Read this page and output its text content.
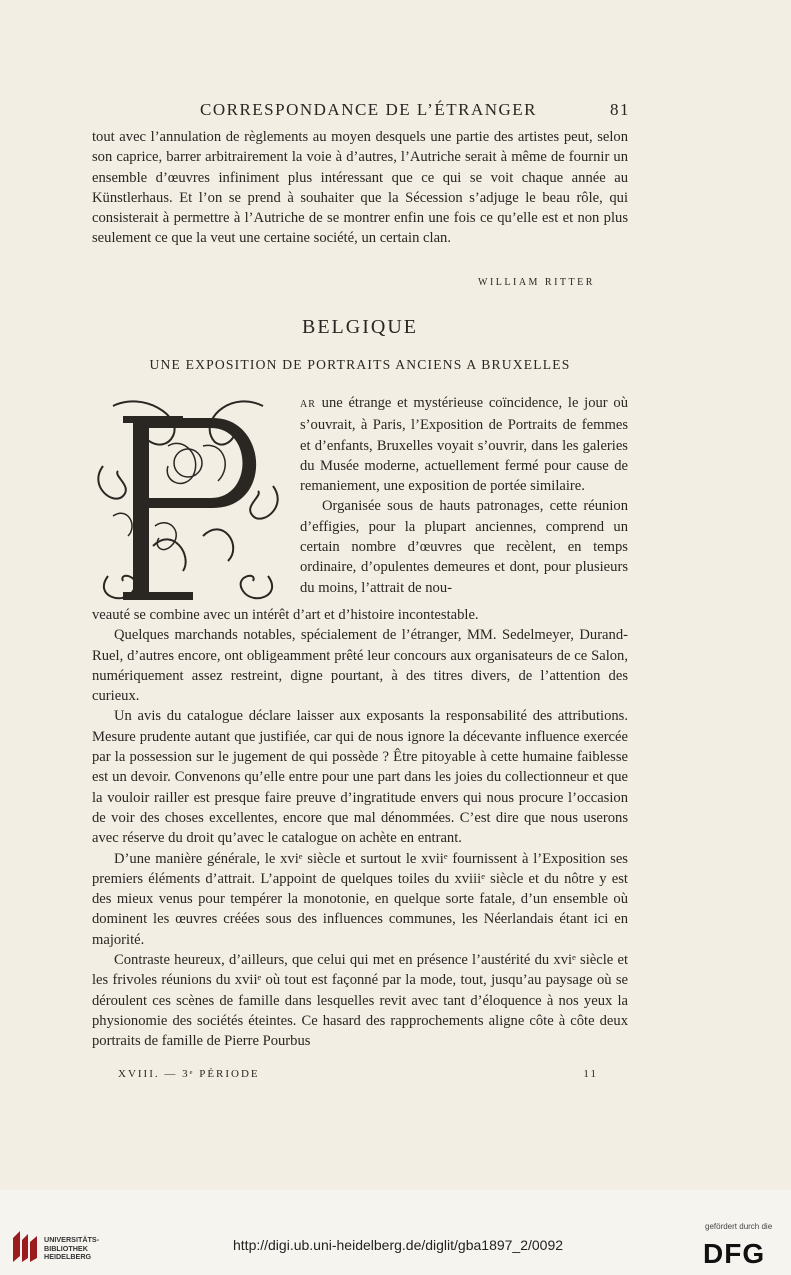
CORRESPONDANCE DE L’ÉTRANGER	81
tout avec l’annulation de règlements au moyen desquels une partie des artistes peut, selon son caprice, barrer arbitrairement la voie à d’autres, l’Autriche serait à même de fournir un ensemble d’œuvres infiniment plus intéressant que ce qui se voit chaque année au Künstlerhaus. Et l’on se prend à souhaiter que la Sécession s’adjuge le beau rôle, qui consisterait à permettre à l’Autriche de se montrer enfin une fois ce qu’elle est et non plus seulement ce que la veut une certaine société, un certain clan.
WILLIAM RITTER
BELGIQUE
UNE EXPOSITION DE PORTRAITS ANCIENS A BRUXELLES
AR une étrange et mystérieuse coïncidence, le jour où s’ouvrait, à Paris, l’Exposition de Portraits de femmes et d’enfants, Bruxelles voyait s’ouvrir, dans les galeries du Musée moderne, actuellement fermé pour cause de remaniement, une exposition de portée similaire.
Organisée sous de hauts patronages, cette réunion d’effigies, pour la plupart anciennes, comprend un certain nombre d’œuvres que recèlent, en temps ordinaire, d’opulentes demeures et dont, pour plusieurs du moins, l’attrait de nou-

veauté se combine avec un intérêt d’art et d’histoire incontestable.

Quelques marchands notables, spécialement de l’étranger, MM. Sedelmeyer, Durand-Ruel, d’autres encore, ont obligeamment prêté leur concours aux organisateurs de ce Salon, numériquement assez restreint, digne pourtant, à des titres divers, de l’attention des curieux.

Un avis du catalogue déclare laisser aux exposants la responsabilité des attributions. Mesure prudente autant que justifiée, car qui de nous ignore la décevante influence exercée par la possession sur le jugement de qui possède ? Être pitoyable à cette humaine faiblesse est un devoir. Convenons qu’elle entre pour une part dans les joies du collectionneur et que la vouloir railler est presque faire preuve d’ingratitude envers qui nous procure l’occasion de voir des choses excellentes, encore que mal dénommées. C’est dire que nous userons avec réserve du droit qu’avec le catalogue on achète en entrant.

D’une manière générale, le xviᵉ siècle et surtout le xviiᵉ fournissent à l’Exposition ses premiers éléments d’attrait. L’appoint de quelques toiles du xviiiᵉ siècle et du nôtre y est des mieux venus pour tempérer la monotonie, en quelque sorte fatale, d’un ensemble où dominent les œuvres créées sous des influences communes, les Néerlandais étant ici en majorité.

Contraste heureux, d’ailleurs, que celui qui met en présence l’austérité du xviᵉ siècle et les frivoles réunions du xviiᵉ où tout est façonné par la mode, tout, jusqu’au paysage où se déroulent ces scènes de famille dans lesquelles revit avec tant d’éloquence à nos yeux la physionomie des sociétés éteintes. Ce hasard des rapprochements aligne côte à côte deux portraits de famille de Pierre Pourbus

XVIII. — 3ᵉ PÉRIODE	11
UNIVERSITÄTS-
BIBLIOTHEK
HEIDELBERG
http://digi.ub.uni-heidelberg.de/diglit/gba1897_2/0092
gefördert durch die
DFG
